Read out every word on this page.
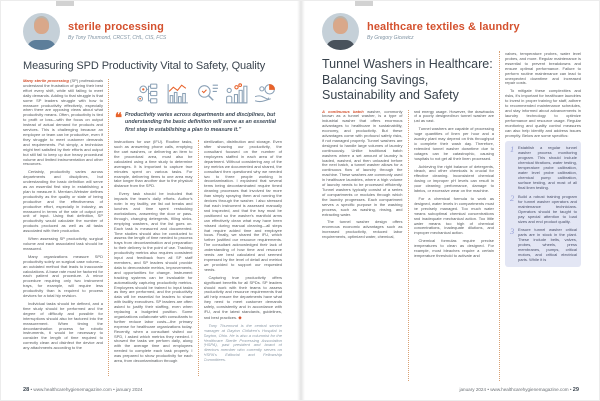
sterile processing
By Tony Thurmond, CRCST, CHL, CIS, FCS
Measuring SPD Productivity Vital to Safety, Quality

Many sterile processing (SP) professionals understand the frustration of giving their best effort every shift, while still failing to meet daily demands. Adding to that struggle is that some SP leaders struggle with how to measure productivity effectively, especially when there are opposing views about what productivity means. Often, productivity is tied to profit or loss—with the focus on output instead of actual demand for products and services. This is challenging because an employee or team can be productive, even if they struggle to meet customer demands and requirements. Put simply, a technician might feel satisfied by their efforts and output but still fail to keep up due heavy procedural volume and limited instrumentation and other resources.

Certainly, productivity varies across departments and disciplines, but understanding the basic definition will serve as an essential first step in establishing a plan to measure it. Merriam-Webster defines productivity as the quality or state of being productive and the effectiveness of productive effort, especially in industry, as measured in terms of the rate of output per unit of input. Using that definition, SP productivity would calculate the number of products produced as well as all tasks associated with their production.

When assessing SP productivity, surgical volume and each associated task should be measured.

Many organizations measure SPD productivity solely on surgical case volume—an outdated method that leads to inaccurate calculations. A base rate must be factored for each patient and procedure. A minor procedure requiring only two instrument trays, for example, will require less productivity than is required to process devices for a total hip revision.

Individual tasks should be defined, and a time study should be performed and the degree of difficulty and possible for interruptions should also be factored into the measurement. When timing the decontamination process for robotic instruments, it would be necessary to consider the length of time required to correctly clean and disinfect the device and any attachments according to the

❝ Productivity varies across departments and disciplines, but understanding the basic definition will serve as an essential first step in establishing a plan to measure it.”

instructions for use (IFU). Routine tasks, such as answering phone calls, emptying the cart washers, or delivering an item to the procedural area, must also be calculated using a time study to determine averages. It is important to capture true minutes spent on various tasks. For example, delivering items to one area may take longer than another due to the physical distance from the SPD.

Every task should be included that impacts the team's daily efforts. Author's note: In my facility, we list out breaks and lunches and time spent restocking workstations, answering the door or pass-through, changing detergents, filling sinks, emptying washers, and the list goes on. Each task is measured and documented. Time studies should also be conducted to assess the length of time needed to process trays from decontamination and preparation to their delivery to the point of use. Tracking productivity metrics also requires consistent input and feedback from all SP staff members, and SP leaders should provide data to demonstrate metrics, improvements, and opportunities for change. Instrument tracking systems can be invaluable for automatically capturing productivity metrics. Employees should be trained to input tasks as they are performed, and the productivity data will be essential for leaders to share with facility executives. SP leaders are often asked to justify their staffing, even when replacing a budgeted position. Some organizations collaborate with consultants to further reduce labor costs—the primary expense for healthcare organizations today. Recently, when a consultant visited our SPD, I asked which metrics they needed. I showed the tasks we perform daily, along with the average time and employees needed to complete each task properly. I was prepared to show productivity for each area, from decontamination through

sterilization, distribution and storage. Even after showing our productivity, the consultant focused on the number of employees staffed in each area of the department. Without considering any of the key metrics we documented and shared, the consultant then questioned why we needed two to three people working in decontamination. I explained that several items being decontaminated require timed cleaning processes that involved far more than simply spraying them and running the devices through the washer. I also stressed that each instrument is assessed manually and inspected, and that the tray must be positioned so the washer's manifold arms can effectively clean what may have been missed during manual cleaning—all steps that require added time and employee focus. Finally, we shared the IFU, which further justified our resource requirements. The consultant acknowledged their lack of understanding of how time and resource needs are best calculated and seemed impressed by the level of detail and metrics we provided to support our requested needs.

Capturing true productivity offers significant benefits for all SPDs. SP leaders should work with their teams to assess productivity and resource requirements that will help ensure the departments have what they need to meet customer demands safely, consistently and in accordance with IFU, and the latest standards, guidelines, and best practices. ◆

Tony Thurmond is the central service manager at Dayton Children's Hospital in Dayton, Ohio. He is also a columnist for the Healthcare Sterile Processing Association (HSPA), past president and board of directors member who currently serves on HSPA's Editorial and Fellowship Committees.

28 • www.healthcarehygienemagazine.com • january 2024
healthcare textiles & laundry
By Gregory Gicewicz
Tunnel Washers in Healthcare: Balancing Savings, Sustainability and Safety

A continuous batch washer, commonly known as a tunnel washer, is a type of industrial washer that offers enormous advantages to healthcare in sustainability, economy, and productivity. But these advantages come with profound safety risks, if not managed properly. Tunnel washers are designed to handle large volumes of laundry continuously. Unlike traditional batch washers where a set amount of laundry is loaded, washed, and then unloaded before the next batch, a tunnel washer allows for a continuous flow of laundry through the machine. These washers are commonly used in healthcare laundries, where a high volume of laundry needs to be processed efficiently. Tunnel washers typically consist of a series of compartments or modules through which the laundry progresses. Each compartment serves a specific purpose in the washing process, such as washing, rinsing, and extracting water.

The tunnel washer design offers enormous economic advantages such as increased productivity, reduced labor requirements, optimized water, chemical,

and energy usage. However, the drawbacks of a poorly designed/run tunnel washer are just as vast.

Tunnel washers are capable of processing huge quantities of linen per hour and a laundry plant may depend on this throughput to complete their wash day. Therefore, extended tunnel washer downtime due to outages can be catastrophic, causing hospitals to not get all their linen processed.

Achieving the right balance of detergents, bleach, and other chemicals is crucial for effective cleaning. Inconsistent chemical dosing or improper pH levels can result in poor cleaning performance, damage to fabrics, or excessive wear on the machine.

For a chemical formula to work as designed, water levels in compartments must be precisely managed. Too much water means suboptimal chemical concentrations and inadequate mechanical action. Too little water means too high of chemical concentrations, inadequate dilutions, and improper mechanical action.

Chemical formulas require precise temperatures to clean as designed. For example, most bleaches require a certain temperature threshold to activate and

valves, temperature probes, water level probes, and more. Regular maintenance is essential to prevent breakdowns and ensure optimal performance. Failure to perform routine maintenance can lead to unexpected downtime and increased repair costs.

To mitigate these complexities and risks, it's important for healthcare laundries to invest in proper training for staff, adhere to recommended maintenance schedules, and stay informed about advancements in laundry technology to optimize performance and resource usage. Regular monitoring and quality control measures can also help identify and address issues promptly. Below are some specifics:

1 Establish a regular tunnel washer process monitoring program. This should include chemical titrations, water testing, temperature probe calibration, water level probe calibration, chemical pump calibration, surface testing, and most of all final linen testing.
2 Build a robust training program for tunnel washer operators and maintenance technicians. Operators should be taught to pay special attention to load sizes and end product quality.
3 Ensure tunnel washer critical parts are in stock in the plant. These include belts, valves, probes, wheels, press membranes, pumps, critical motors, and critical electrical parts. While it is
january 2024 • www.healthcarehygienemagazine.com • 29
